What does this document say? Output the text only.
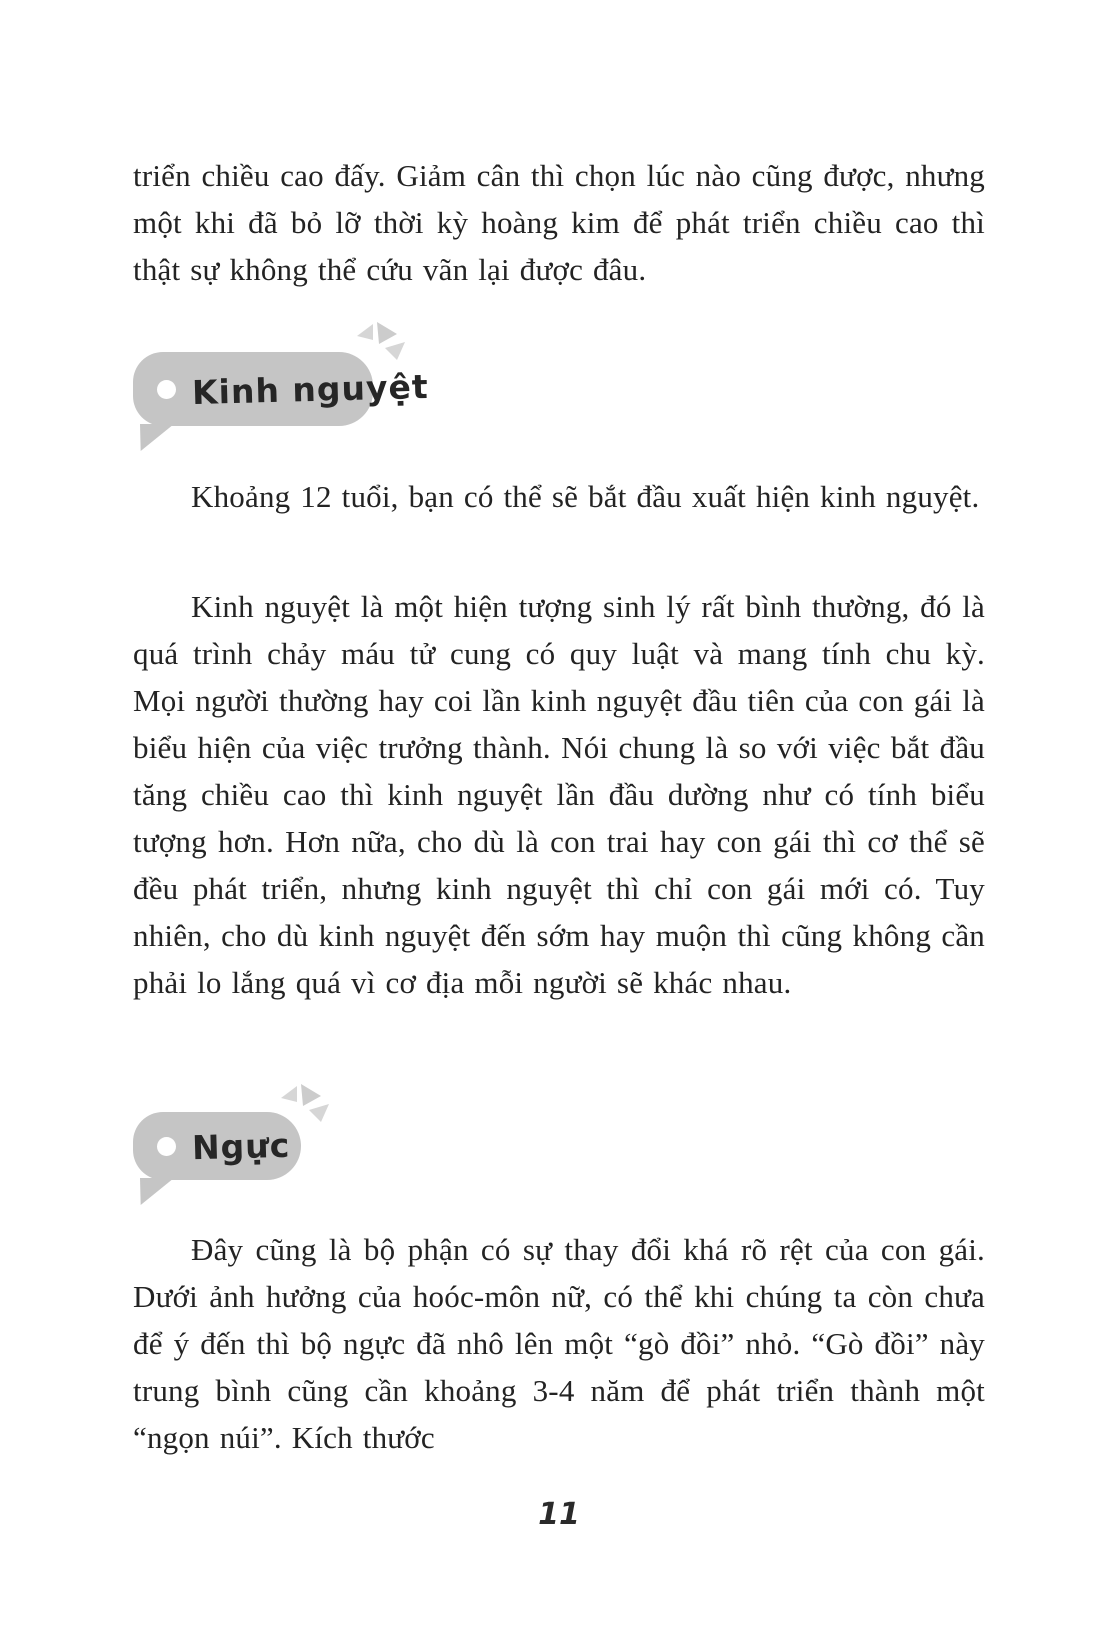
triển chiều cao đấy. Giảm cân thì chọn lúc nào cũng được, nhưng một khi đã bỏ lỡ thời kỳ hoàng kim để phát triển chiều cao thì thật sự không thể cứu vãn lại được đâu.

Kinh nguyệt

Khoảng 12 tuổi, bạn có thể sẽ bắt đầu xuất hiện kinh nguyệt.

Kinh nguyệt là một hiện tượng sinh lý rất bình thường, đó là quá trình chảy máu tử cung có quy luật và mang tính chu kỳ. Mọi người thường hay coi lần kinh nguyệt đầu tiên của con gái là biểu hiện của việc trưởng thành. Nói chung là so với việc bắt đầu tăng chiều cao thì kinh nguyệt lần đầu dường như có tính biểu tượng hơn. Hơn nữa, cho dù là con trai hay con gái thì cơ thể sẽ đều phát triển, nhưng kinh nguyệt thì chỉ con gái mới có. Tuy nhiên, cho dù kinh nguyệt đến sớm hay muộn thì cũng không cần phải lo lắng quá vì cơ địa mỗi người sẽ khác nhau.

Ngực

Đây cũng là bộ phận có sự thay đổi khá rõ rệt của con gái. Dưới ảnh hưởng của hoóc-môn nữ, có thể khi chúng ta còn chưa để ý đến thì bộ ngực đã nhô lên một “gò đồi” nhỏ. “Gò đồi” này trung bình cũng cần khoảng 3-4 năm để phát triển thành một “ngọn núi”. Kích thước

11
